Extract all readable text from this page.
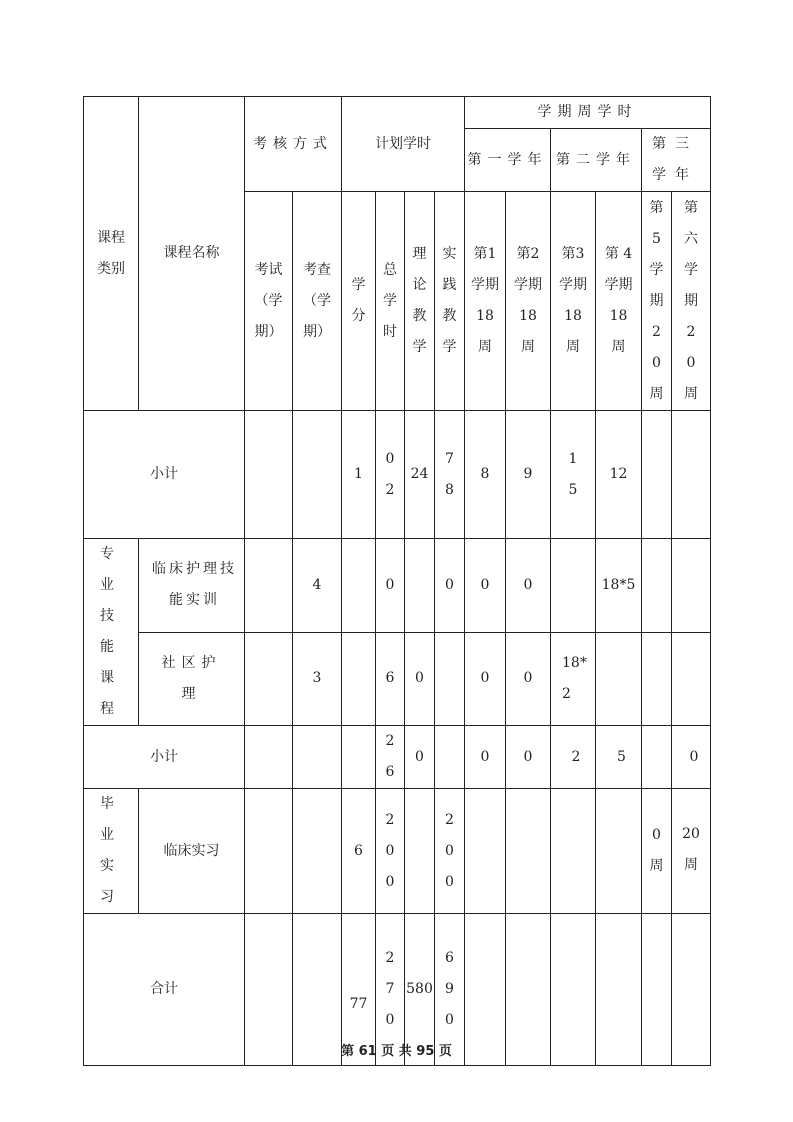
课程类别	课程名称	考核方式		计划学时				学期周学时					
								第一学年		第二学年		第三学年	
		考试（学期）	考查（学期）	学分	总学时	理论教学	实践教学	第1学期18周	第2学期18周	第3学期18周	第 4学期18周	第5学期20周	第六学期20周
小计				1	02	24	78	8	9	15	12		
专业技能课程	临床护理技能实训		4		0		0	0	0		18*5		
	社区护理		3		6	0		0	0	18*2			
小计					26	0		0	0	2	5		0
毕业实习	临床实习			6	200		200					0周	20周
合计				77	270	580	690						
第 61 页 共 95 页
